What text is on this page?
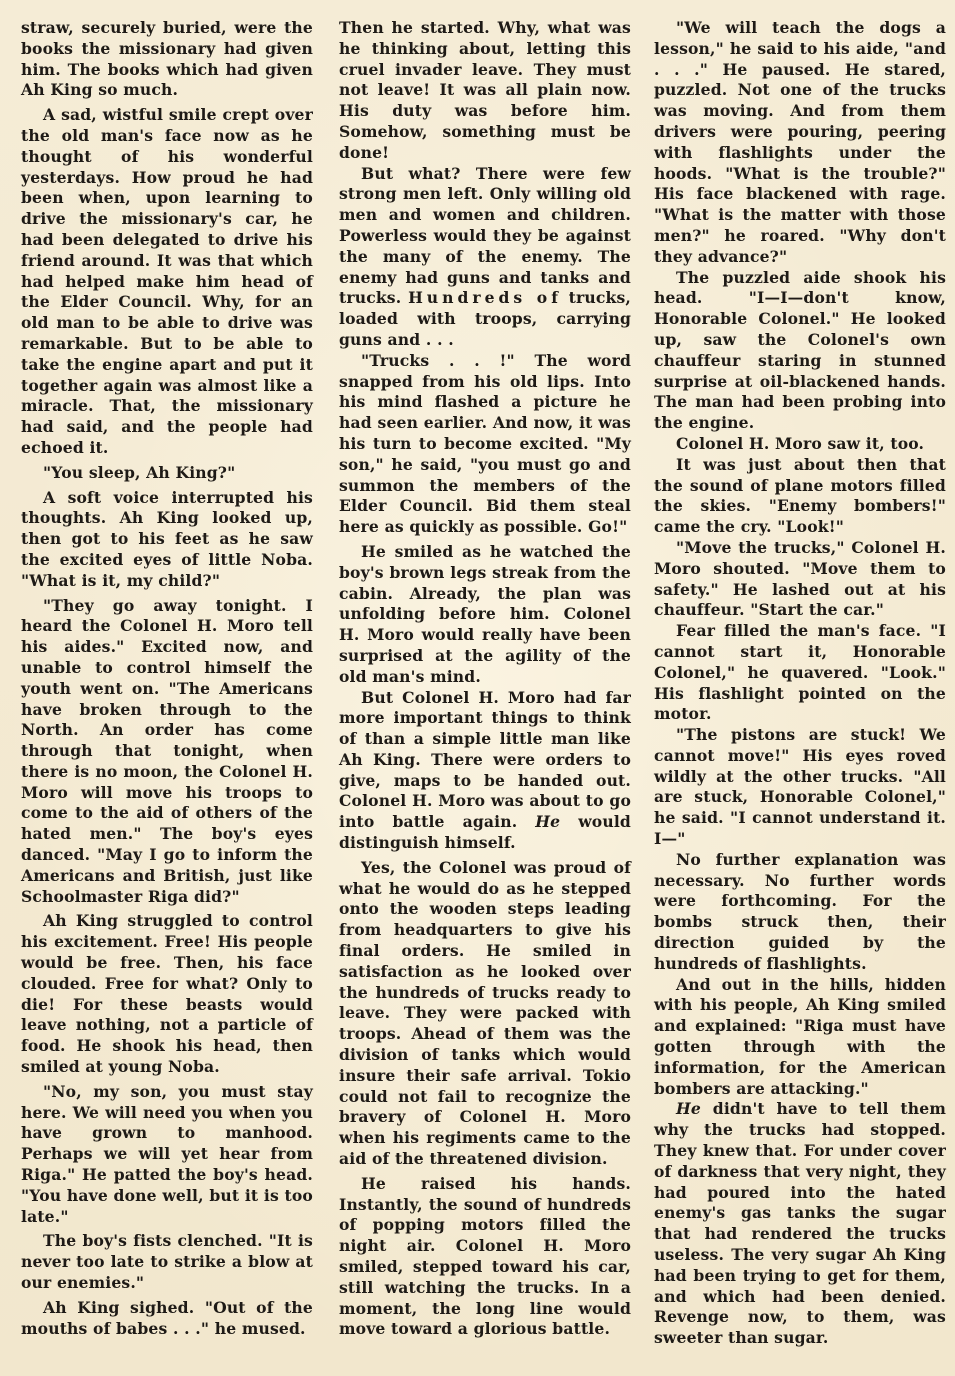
straw, securely buried, were the books the missionary had given him. The books which had given Ah King so much.

A sad, wistful smile crept over the old man's face now as he thought of his wonderful yesterdays. How proud he had been when, upon learning to drive the missionary's car, he had been delegated to drive his friend around. It was that which had helped make him head of the Elder Council. Why, for an old man to be able to drive was remarkable. But to be able to take the engine apart and put it together again was almost like a miracle. That, the missionary had said, and the people had echoed it.

"You sleep, Ah King?"

A soft voice interrupted his thoughts. Ah King looked up, then got to his feet as he saw the excited eyes of little Noba. "What is it, my child?"

"They go away tonight. I heard the Colonel H. Moro tell his aides." Excited now, and unable to control himself the youth went on. "The Americans have broken through to the North. An order has come through that tonight, when there is no moon, the Colonel H. Moro will move his troops to come to the aid of others of the hated men." The boy's eyes danced. "May I go to inform the Americans and British, just like Schoolmaster Riga did?"

Ah King struggled to control his excitement. Free! His people would be free. Then, his face clouded. Free for what? Only to die! For these beasts would leave nothing, not a particle of food. He shook his head, then smiled at young Noba.

"No, my son, you must stay here. We will need you when you have grown to manhood. Perhaps we will yet hear from Riga." He patted the boy's head. "You have done well, but it is too late."

The boy's fists clenched. "It is never too late to strike a blow at our enemies."

Ah King sighed. "Out of the mouths of babes . . ." he mused.

Then he started. Why, what was he thinking about, letting this cruel invader leave. They must not leave! It was all plain now. His duty was before him. Somehow, something must be done!

But what? There were few strong men left. Only willing old men and women and children. Powerless would they be against the many of the enemy. The enemy had guns and tanks and trucks. Hundreds of trucks, loaded with troops, carrying guns and . . .

"Trucks . . !" The word snapped from his old lips. Into his mind flashed a picture he had seen earlier. And now, it was his turn to become excited. "My son," he said, "you must go and summon the members of the Elder Council. Bid them steal here as quickly as possible. Go!"

He smiled as he watched the boy's brown legs streak from the cabin. Already, the plan was unfolding before him. Colonel H. Moro would really have been surprised at the agility of the old man's mind.

But Colonel H. Moro had far more important things to think of than a simple little man like Ah King. There were orders to give, maps to be handed out. Colonel H. Moro was about to go into battle again. He would distinguish himself.

Yes, the Colonel was proud of what he would do as he stepped onto the wooden steps leading from headquarters to give his final orders. He smiled in satisfaction as he looked over the hundreds of trucks ready to leave. They were packed with troops. Ahead of them was the division of tanks which would insure their safe arrival. Tokio could not fail to recognize the bravery of Colonel H. Moro when his regiments came to the aid of the threatened division.

He raised his hands. Instantly, the sound of hundreds of popping motors filled the night air. Colonel H. Moro smiled, stepped toward his car, still watching the trucks. In a moment, the long line would move toward a glorious battle.

"We will teach the dogs a lesson," he said to his aide, "and . . ." He paused. He stared, puzzled. Not one of the trucks was moving. And from them drivers were pouring, peering with flashlights under the hoods. "What is the trouble?" His face blackened with rage. "What is the matter with those men?" he roared. "Why don't they advance?"

The puzzled aide shook his head. "I—I—don't know, Honorable Colonel." He looked up, saw the Colonel's own chauffeur staring in stunned surprise at oil-blackened hands. The man had been probing into the engine.

Colonel H. Moro saw it, too.

It was just about then that the sound of plane motors filled the skies. "Enemy bombers!" came the cry. "Look!"

"Move the trucks," Colonel H. Moro shouted. "Move them to safety." He lashed out at his chauffeur. "Start the car."

Fear filled the man's face. "I cannot start it, Honorable Colonel," he quavered. "Look." His flashlight pointed on the motor.

"The pistons are stuck! We cannot move!" His eyes roved wildly at the other trucks. "All are stuck, Honorable Colonel," he said. "I cannot understand it. I—"

No further explanation was necessary. No further words were forthcoming. For the bombs struck then, their direction guided by the hundreds of flashlights.

And out in the hills, hidden with his people, Ah King smiled and explained: "Riga must have gotten through with the information, for the American bombers are attacking."

He didn't have to tell them why the trucks had stopped. They knew that. For under cover of darkness that very night, they had poured into the hated enemy's gas tanks the sugar that had rendered the trucks useless. The very sugar Ah King had been trying to get for them, and which had been denied. Revenge now, to them, was sweeter than sugar.
